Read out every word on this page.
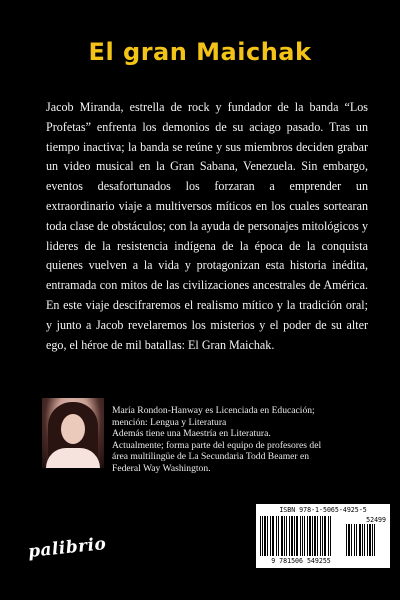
El gran Maichak

Jacob Miranda, estrella de rock y fundador de la banda “Los Profetas” enfrenta los demonios de su aciago pasado. Tras un tiempo inactiva; la banda se reúne y sus miembros deciden grabar un video musical en la Gran Sabana, Venezuela. Sin embargo, eventos desafortunados los forzaran a emprender un extraordinario viaje a multiversos míticos en los cuales sortearan toda clase de obstáculos; con la ayuda de personajes mitológicos y lideres de la resistencia indígena de la época de la conquista quienes vuelven a la vida y protagonizan esta historia inédita, entramada con mitos de las civilizaciones ancestrales de América. En este viaje descifraremos el realismo mítico y la tradición oral; y junto a Jacob revelaremos los misterios y el poder de su alter ego, el héroe de mil batallas: El Gran Maichak.

María Rondon-Hanway es Licenciada en Educación;
mención: Lengua y Literatura
Además tiene una Maestría en Literatura.
Actualmente; forma parte del equipo de profesores del
área multilingüe de La Secundaria Todd Beamer en
Federal Way Washington.
ISBN 978-1-5065-4925-5
52499
9 781506 549255
palibrio
